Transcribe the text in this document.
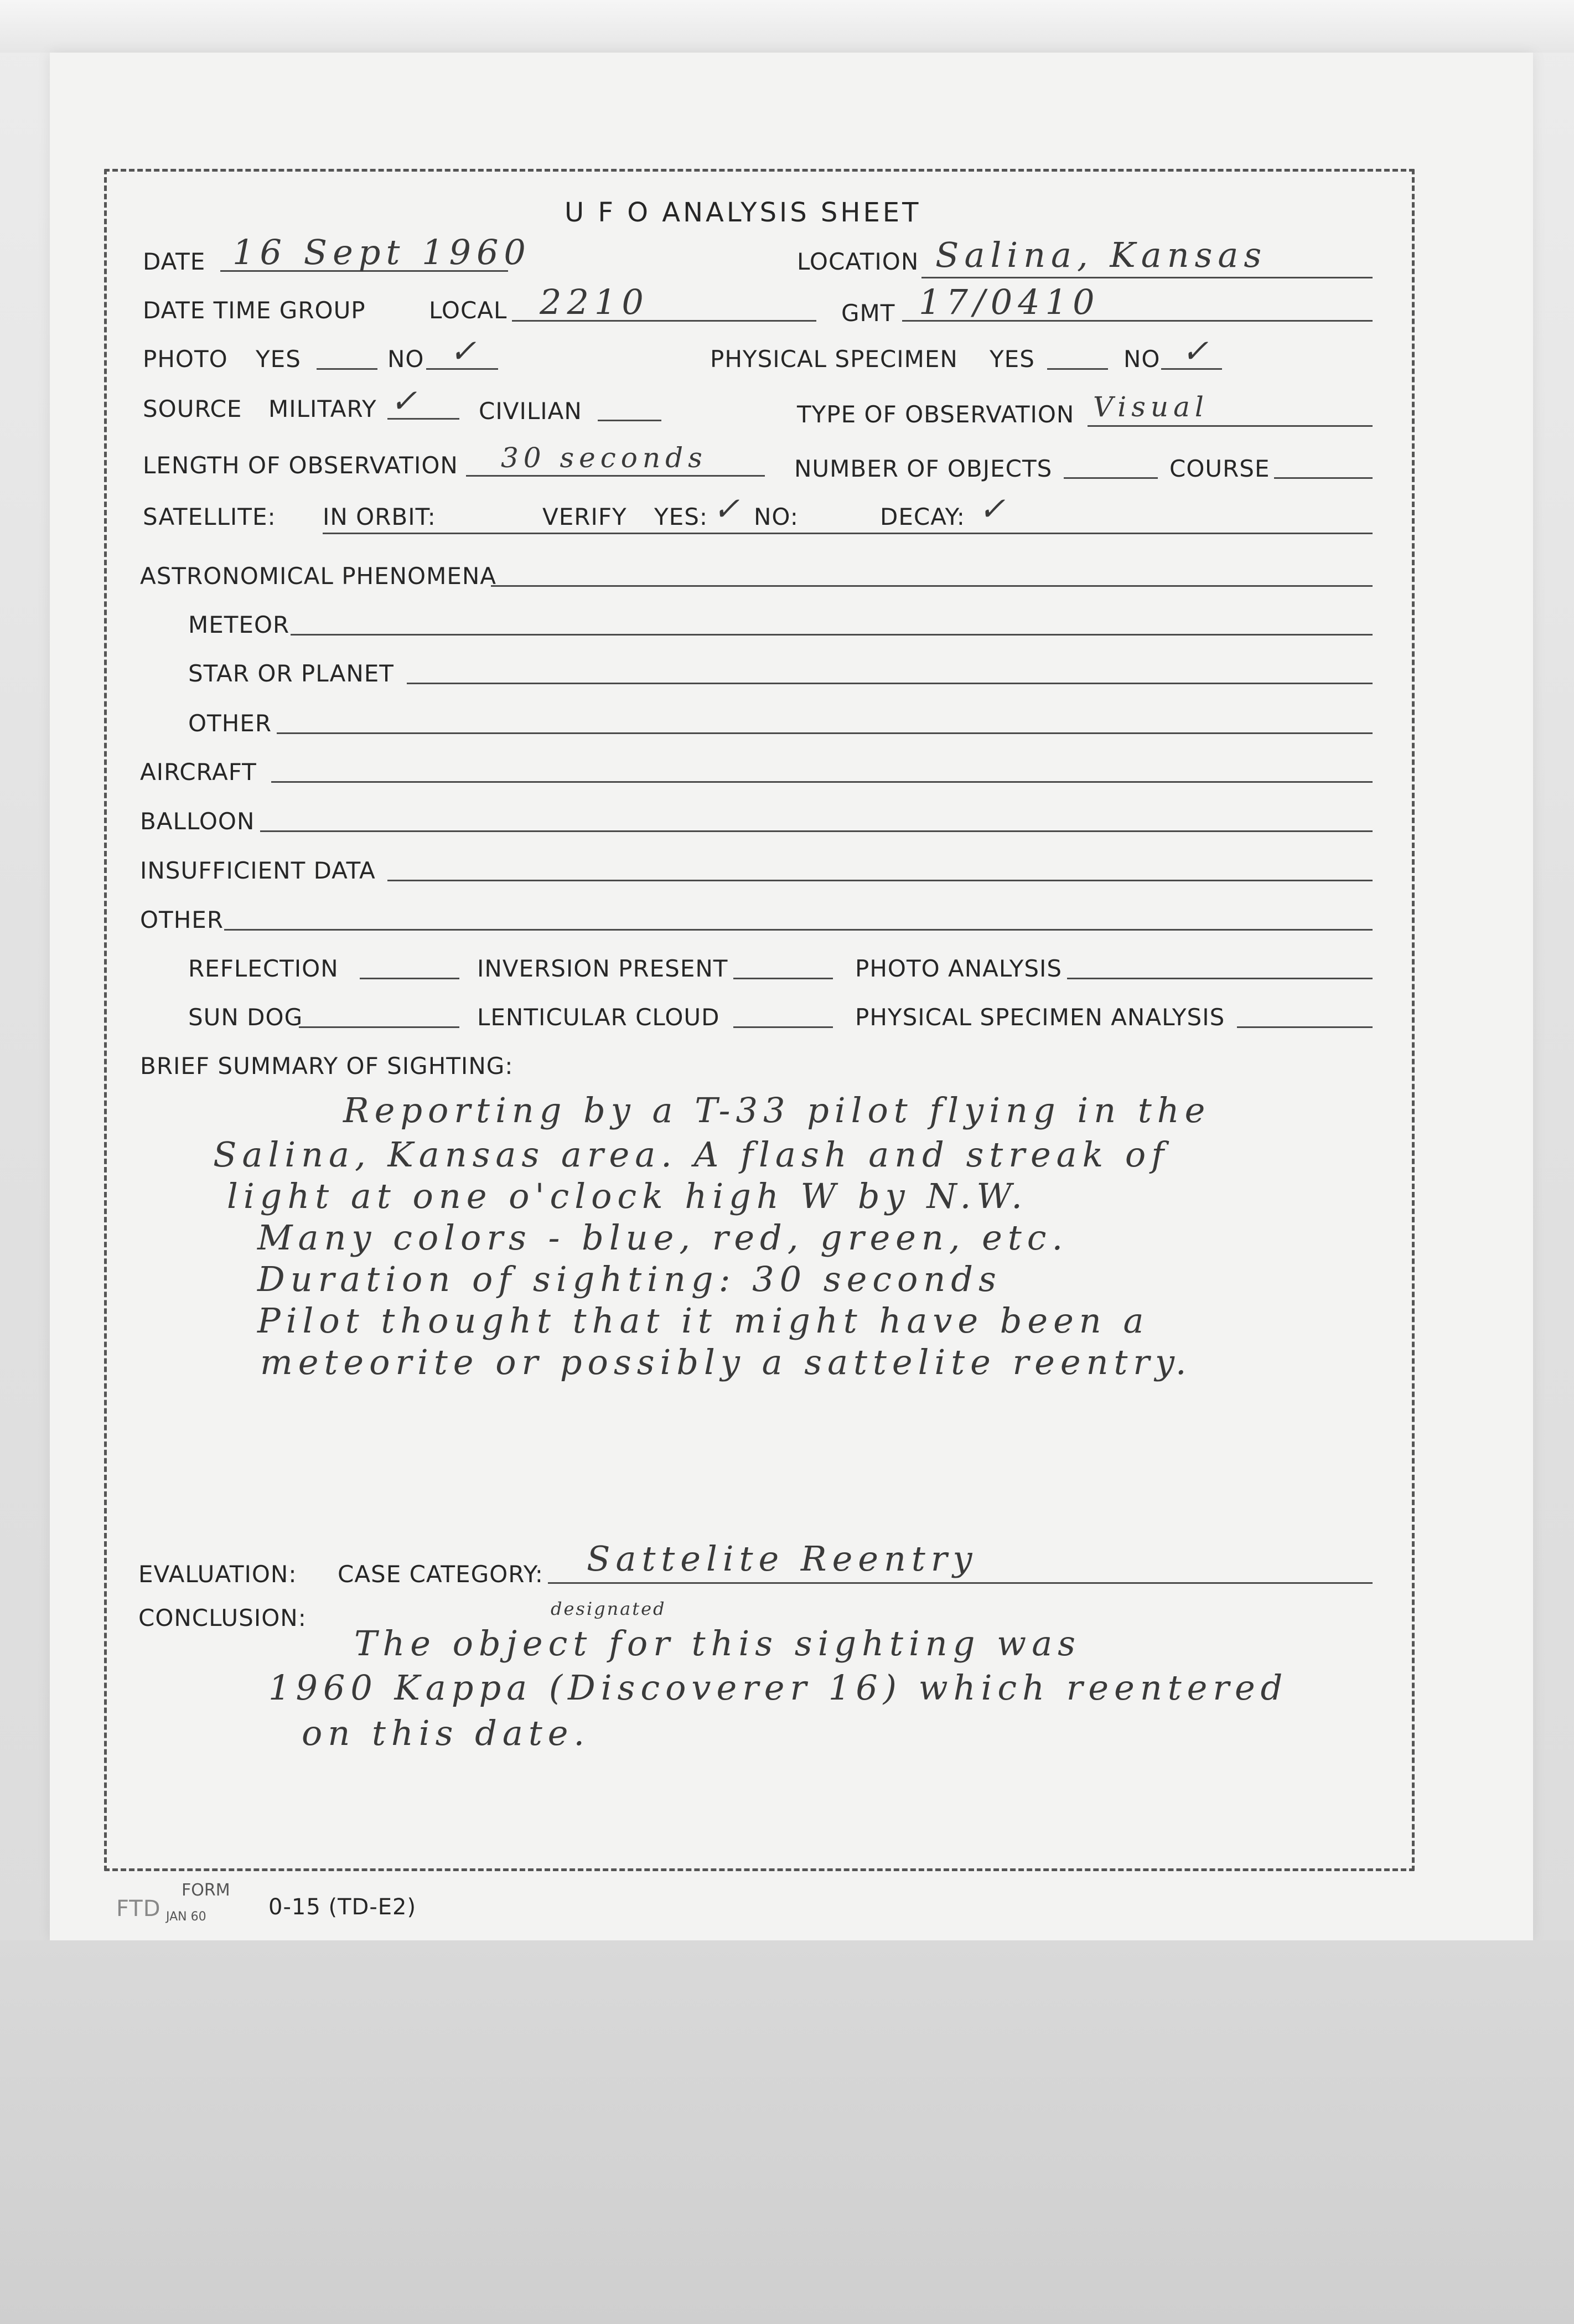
U F O ANALYSIS SHEET
DATE 16 Sept 1960	LOCATION Salina, Kansas
DATE TIME GROUP	LOCAL 2210	GMT 17/0410
PHOTO YES	NO ✓	PHYSICAL SPECIMEN YES	NO ✓
SOURCE MILITARY ✓	CIVILIAN	TYPE OF OBSERVATION Visual
LENGTH OF OBSERVATION 30 seconds	NUMBER OF OBJECTS	COURSE
SATELLITE: IN ORBIT:	VERIFY YES: ✓ NO:	DECAY: ✓
ASTRONOMICAL PHENOMENA
METEOR
STAR OR PLANET
OTHER
AIRCRAFT
BALLOON
INSUFFICIENT DATA
OTHER
REFLECTION	INVERSION PRESENT	PHOTO ANALYSIS
SUN DOG	LENTICULAR CLOUD	PHYSICAL SPECIMEN ANALYSIS
BRIEF SUMMARY OF SIGHTING:
Reporting by a T-33 pilot flying in the
Salina, Kansas area. A flash and streak of
light at one o'clock high W by N.W.
Many colors - blue, red, green, etc.
Duration of sighting: 30 seconds
Pilot thought that it might have been a
meteorite or possibly a sattelite reentry.
EVALUATION: CASE CATEGORY: Sattelite Reentry
CONCLUSION:	designated
The object for this sighting was
1960 Kappa (Discoverer 16) which reentered
on this date.
FTD
FORM
JAN 60	0-15 (TD-E2)
